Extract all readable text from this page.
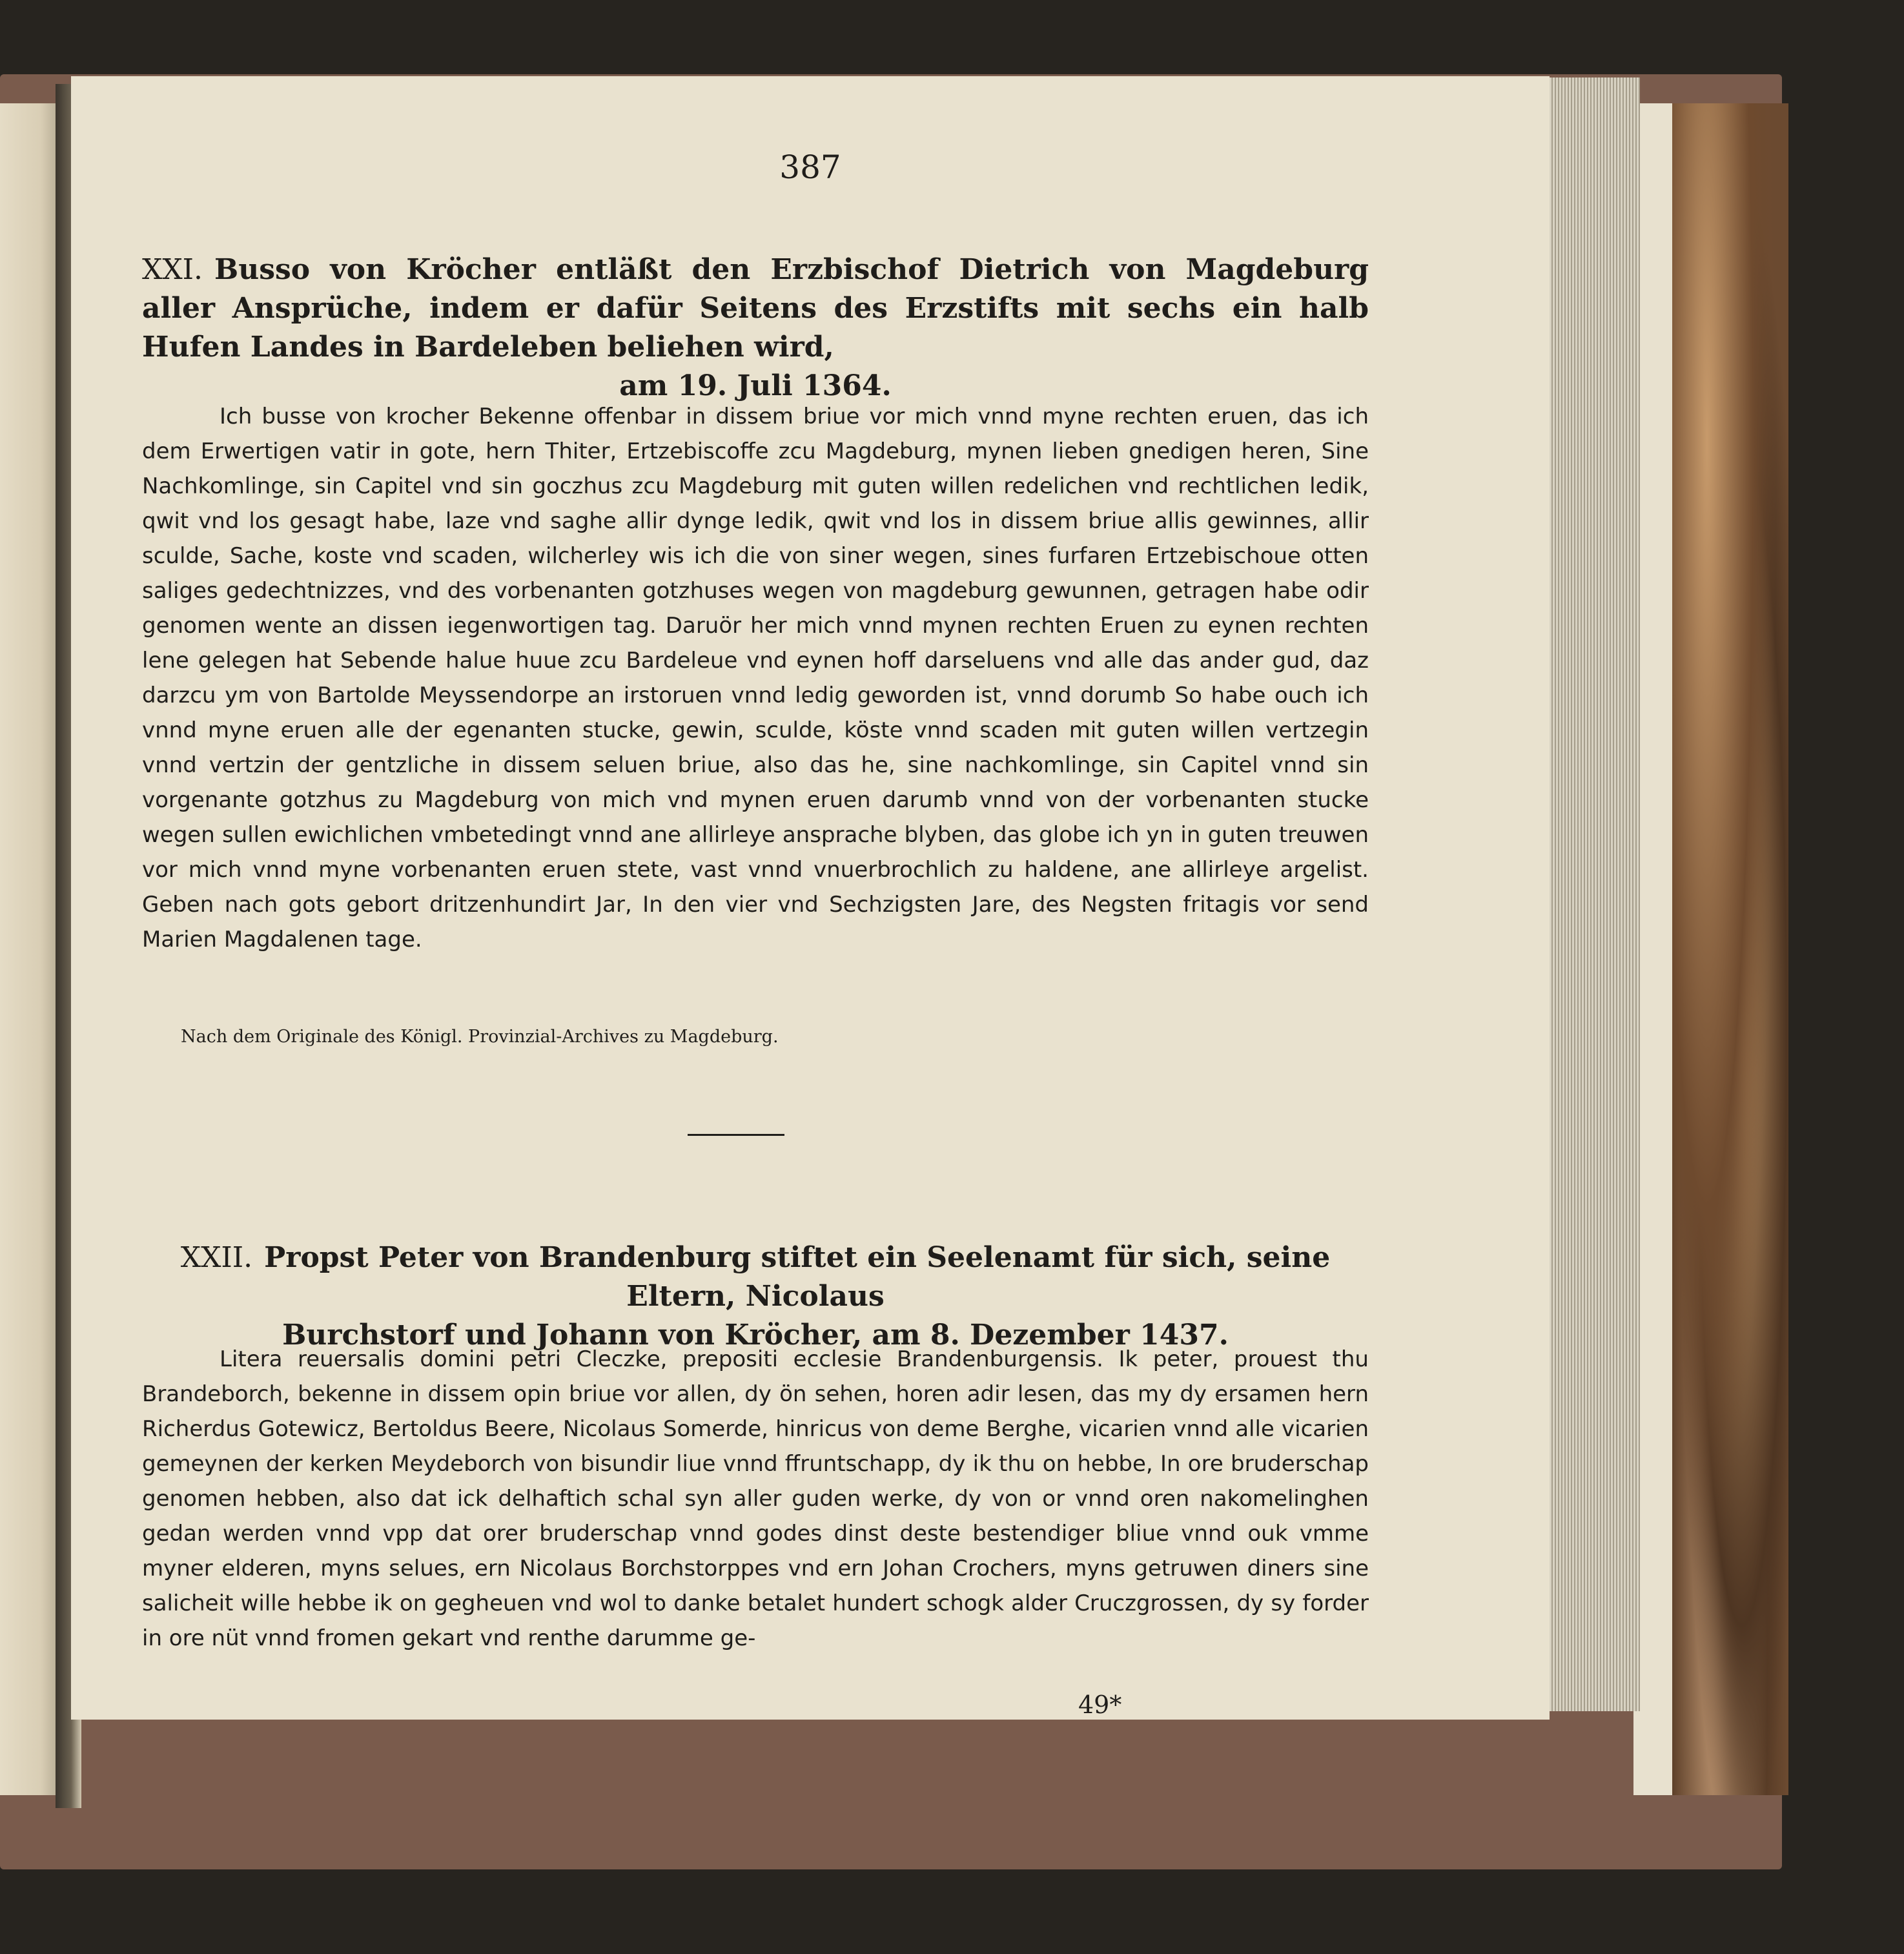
387
XXI. Busso von Kröcher entläßt den Erzbischof Dietrich von Magdeburg aller Ansprüche, indem er dafür Seitens des Erzstifts mit sechs ein halb Hufen Landes in Bardeleben beliehen wird,
am 19. Juli 1364.
Ich busse von krocher Bekenne offenbar in dissem briue vor mich vnnd myne rechten eruen, das ich dem Erwertigen vatir in gote, hern Thiter, Ertzebiscoffe zcu Magdeburg, mynen lieben gnedigen heren, Sine Nachkomlinge, sin Capitel vnd sin goczhus zcu Magdeburg mit guten willen redelichen vnd rechtlichen ledik, qwit vnd los gesagt habe, laze vnd saghe allir dynge ledik, qwit vnd los in dissem briue allis gewinnes, allir sculde, Sache, koste vnd scaden, wilcherley wis ich die von siner wegen, sines furfaren Ertzebischoue otten saliges gedechtnizzes, vnd des vorbenanten gotzhuses wegen von magdeburg gewunnen, getragen habe odir genomen wente an dissen iegenwortigen tag. Daruör her mich vnnd mynen rechten Eruen zu eynen rechten lene gelegen hat Sebende halue huue zcu Bardeleue vnd eynen hoff darseluens vnd alle das ander gud, daz darzcu ym von Bartolde Meyssendorpe an irstoruen vnnd ledig geworden ist, vnnd dorumb So habe ouch ich vnnd myne eruen alle der egenanten stucke, gewin, sculde, köste vnnd scaden mit guten willen vertzegin vnnd vertzin der gentzliche in dissem seluen briue, also das he, sine nachkomlinge, sin Capitel vnnd sin vorgenante gotzhus zu Magdeburg von mich vnd mynen eruen darumb vnnd von der vorbenanten stucke wegen sullen ewichlichen vmbetedingt vnnd ane allirleye ansprache blyben, das globe ich yn in guten treuwen vor mich vnnd myne vorbenanten eruen stete, vast vnnd vnuerbrochlich zu haldene, ane allirleye argelist. Geben nach gots gebort dritzenhundirt Jar, In den vier vnd Sechzigsten Jare, des Negsten fritagis vor send Marien Magdalenen tage.
Nach dem Originale des Königl. Provinzial-Archives zu Magdeburg.
XXII. Propst Peter von Brandenburg stiftet ein Seelenamt für sich, seine Eltern, Nicolaus
Burchstorf und Johann von Kröcher, am 8. Dezember 1437.
Litera reuersalis domini petri Cleczke, prepositi ecclesie Brandenburgensis. Ik peter, prouest thu Brandeborch, bekenne in dissem opin briue vor allen, dy ön sehen, horen adir lesen, das my dy ersamen hern Richerdus Gotewicz, Bertoldus Beere, Nicolaus Somerde, hinricus von deme Berghe, vicarien vnnd alle vicarien gemeynen der kerken Meydeborch von bisundir liue vnnd ffruntschapp, dy ik thu on hebbe, In ore bruderschap genomen hebben, also dat ick delhaftich schal syn aller guden werke, dy von or vnnd oren nakomelinghen gedan werden vnnd vpp dat orer bruderschap vnnd godes dinst deste bestendiger bliue vnnd ouk vmme myner elderen, myns selues, ern Nicolaus Borchstorppes vnd ern Johan Crochers, myns getruwen diners sine salicheit wille hebbe ik on gegheuen vnd wol to danke betalet hundert schogk alder Cruczgrossen, dy sy forder in ore nüt vnnd fromen gekart vnd renthe darumme ge-
49*
